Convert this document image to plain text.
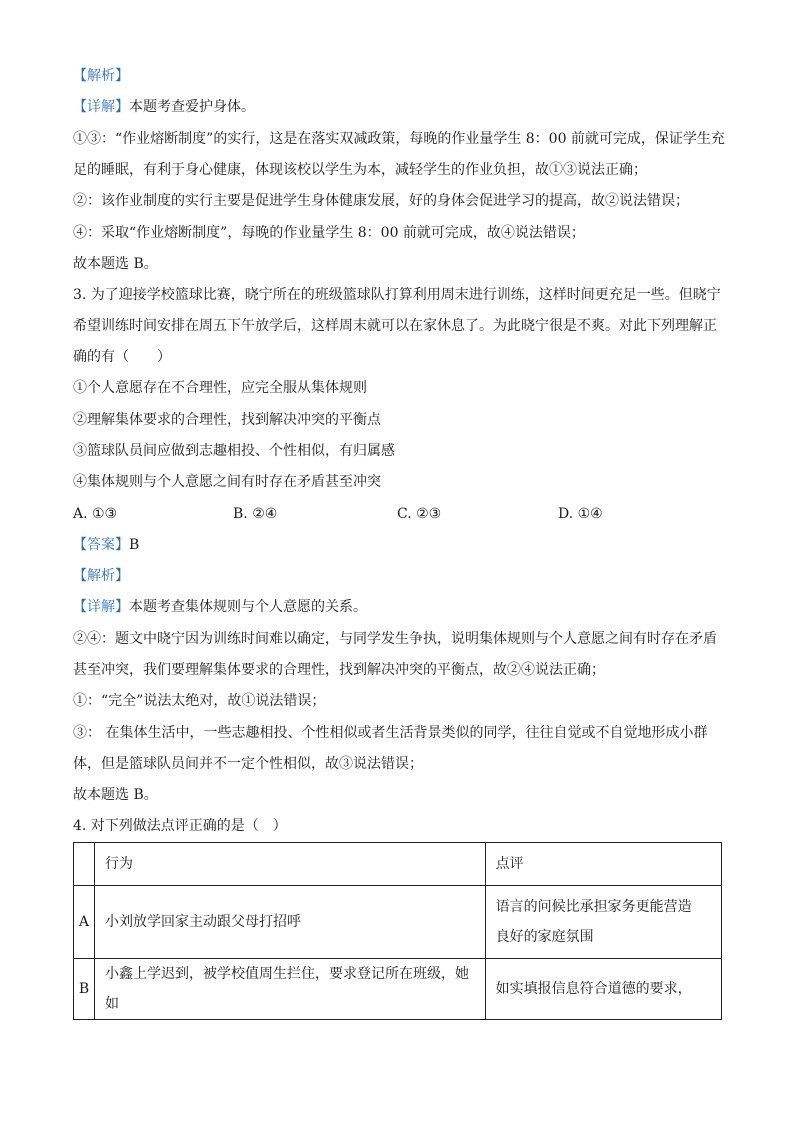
【解析】
【详解】本题考查爱护身体。
①③：“作业熔断制度”的实行，这是在落实双减政策，每晚的作业量学生 8：00 前就可完成，保证学生充
足的睡眠，有利于身心健康，体现该校以学生为本，减轻学生的作业负担，故①③说法正确；
②：该作业制度的实行主要是促进学生身体健康发展，好的身体会促进学习的提高，故②说法错误；
④：采取“作业熔断制度”，每晚的作业量学生 8：00 前就可完成，故④说法错误；
故本题选 B。
3. 为了迎接学校篮球比赛，晓宁所在的班级篮球队打算利用周末进行训练，这样时间更充足一些。但晓宁
希望训练时间安排在周五下午放学后，这样周末就可以在家休息了。为此晓宁很是不爽。对此下列理解正
确的有（　　）
①个人意愿存在不合理性，应完全服从集体规则
②理解集体要求的合理性，找到解决冲突的平衡点
③篮球队员间应做到志趣相投、个性相似，有归属感
④集体规则与个人意愿之间有时存在矛盾甚至冲突
A. ①③	B. ②④	C. ②③	D. ①④
【答案】B
【解析】
【详解】本题考查集体规则与个人意愿的关系。
②④：题文中晓宁因为训练时间难以确定，与同学发生争执，说明集体规则与个人意愿之间有时存在矛盾
甚至冲突，我们要理解集体要求的合理性，找到解决冲突的平衡点，故②④说法正确；
①：“完全”说法太绝对，故①说法错误；
③： 在集体生活中，一些志趣相投、个性相似或者生活背景类似的同学，往往自觉或不自觉地形成小群
体，但是篮球队员间并不一定个性相似，故③说法错误；
故本题选 B。
4. 对下列做法点评正确的是（　）
	行为	点评
A	小刘放学回家主动跟父母打招呼	语言的问候比承担家务更能营造
良好的家庭氛围

B	小鑫上学迟到，被学校值周生拦住，要求登记所在班级，她如	如实填报信息符合道德的要求，
